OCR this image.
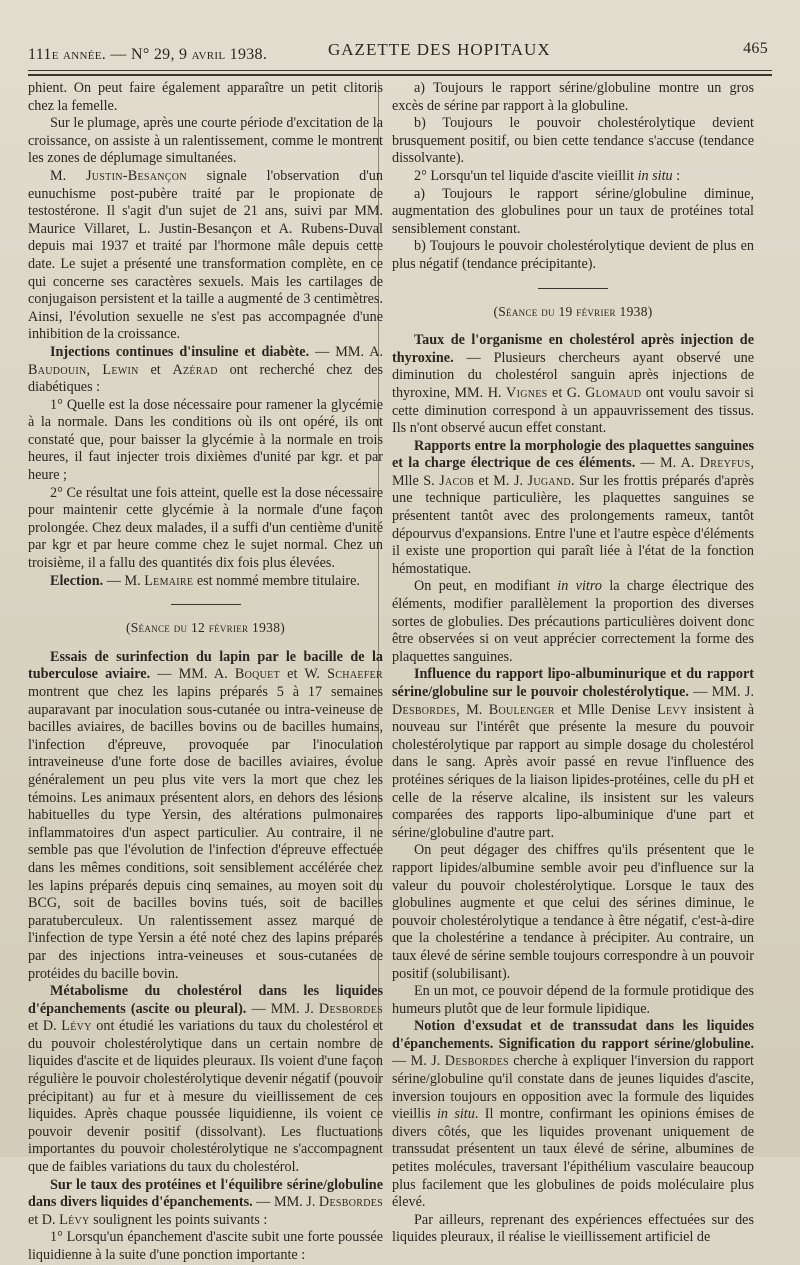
111e année. — N° 29, 9 avril 1938.	GAZETTE DES HOPITAUX	465

phient. On peut faire également apparaître un petit clitoris chez la femelle.

Sur le plumage, après une courte période d'excitation de la croissance, on assiste à un ralentissement, comme le montrent les zones de déplumage simultanées.

M. Justin-Besançon signale l'observation d'un eunuchisme post-pubère traité par le propionate de testostérone. Il s'agit d'un sujet de 21 ans, suivi par MM. Maurice Villaret, L. Justin-Besançon et A. Rubens-Duval depuis mai 1937 et traité par l'hormone mâle depuis cette date. Le sujet a présenté une transformation complète, en ce qui concerne ses caractères sexuels. Mais les cartilages de conjugaison persistent et la taille a augmenté de 3 centimètres. Ainsi, l'évolution sexuelle ne s'est pas accompagnée d'une inhibition de la croissance.

Injections continues d'insuline et diabète. — MM. A. Baudouin, Lewin et Azérad ont recherché chez des diabétiques :

1° Quelle est la dose nécessaire pour ramener la glycémie à la normale. Dans les conditions où ils ont opéré, ils ont constaté que, pour baisser la glycémie à la normale en trois heures, il faut injecter trois dixièmes d'unité par kgr. et par heure ;

2° Ce résultat une fois atteint, quelle est la dose nécessaire pour maintenir cette glycémie à la normale d'une façon prolongée. Chez deux malades, il a suffi d'un centième d'unité par kgr et par heure comme chez le sujet normal. Chez un troisième, il a fallu des quantités dix fois plus élevées.

Election. — M. Lemaire est nommé membre titulaire.

(Séance du 12 février 1938)

Essais de surinfection du lapin par le bacille de la tuberculose aviaire. — MM. A. Boquet et W. Schaefer montrent que chez les lapins préparés 5 à 17 semaines auparavant par inoculation sous-cutanée ou intra-veineuse de bacilles aviaires, de bacilles bovins ou de bacilles humains, l'infection d'épreuve, provoquée par l'inoculation intraveineuse d'une forte dose de bacilles aviaires, évolue généralement un peu plus vite vers la mort que chez les témoins. Les animaux présentent alors, en dehors des lésions habituelles du type Yersin, des altérations pulmonaires inflammatoires d'un aspect particulier. Au contraire, il ne semble pas que l'évolution de l'infection d'épreuve effectuée dans les mêmes conditions, soit sensiblement accélérée chez les lapins préparés depuis cinq semaines, au moyen soit du BCG, soit de bacilles bovins tués, soit de bacilles paratuberculeux. Un ralentissement assez marqué de l'infection de type Yersin a été noté chez des lapins préparés par des injections intra-veineuses et sous-cutanées de protéides du bacille bovin.

Métabolisme du cholestérol dans les liquides d'épanchements (ascite ou pleural). — MM. J. Desbordes et D. Lévy ont étudié les variations du taux du cholestérol et du pouvoir cholestérolytique dans un certain nombre de liquides d'ascite et de liquides pleuraux. Ils voient d'une façon régulière le pouvoir cholestérolytique devenir négatif (pouvoir précipitant) au fur et à mesure du vieillissement de ces liquides. Après chaque poussée liquidienne, ils voient ce pouvoir devenir positif (dissolvant). Les fluctuations importantes du pouvoir cholestérolytique ne s'accompagnent que de faibles variations du taux du cholestérol.

Sur le taux des protéines et l'équilibre sérine/globuline dans divers liquides d'épanchements. — MM. J. Desbordes et D. Lévy soulignent les points suivants :

1° Lorsqu'un épanchement d'ascite subit une forte poussée liquidienne à la suite d'une ponction importante :

a) Toujours le rapport sérine/globuline montre un gros excès de sérine par rapport à la globuline.

b) Toujours le pouvoir cholestérolytique devient brusquement positif, ou bien cette tendance s'accuse (tendance dissolvante).

2° Lorsqu'un tel liquide d'ascite vieillit in situ :

a) Toujours le rapport sérine/globuline diminue, augmentation des globulines pour un taux de protéines total sensiblement constant.

b) Toujours le pouvoir cholestérolytique devient de plus en plus négatif (tendance précipitante).

(Séance du 19 février 1938)

Taux de l'organisme en cholestérol après injection de thyroxine. — Plusieurs chercheurs ayant observé une diminution du cholestérol sanguin après injections de thyroxine, MM. H. Vignes et G. Glomaud ont voulu savoir si cette diminution correspond à un appauvrissement des tissus. Ils n'ont observé aucun effet constant.

Rapports entre la morphologie des plaquettes sanguines et la charge électrique de ces éléments. — M. A. Dreyfus, Mlle S. Jacob et M. J. Jugand. Sur les frottis préparés d'après une technique particulière, les plaquettes sanguines se présentent tantôt avec des prolongements rameux, tantôt dépourvus d'expansions. Entre l'une et l'autre espèce d'éléments il existe une proportion qui paraît liée à l'état de la fonction hémostatique.

On peut, en modifiant in vitro la charge électrique des éléments, modifier parallèlement la proportion des diverses sortes de globulies. Des précautions particulières doivent donc être observées si on veut apprécier correctement la forme des plaquettes sanguines.

Influence du rapport lipo-albuminurique et du rapport sérine/globuline sur le pouvoir cholestérolytique. — MM. J. Desbordes, M. Boulenger et Mlle Denise Levy insistent à nouveau sur l'intérêt que présente la mesure du pouvoir cholestérolytique par rapport au simple dosage du cholestérol dans le sang. Après avoir passé en revue l'influence des protéines sériques de la liaison lipides-protéines, celle du pH et celle de la réserve alcaline, ils insistent sur les valeurs comparées des rapports lipo-albuminique d'une part et sérine/globuline d'autre part.

On peut dégager des chiffres qu'ils présentent que le rapport lipides/albumine semble avoir peu d'influence sur la valeur du pouvoir cholestérolytique. Lorsque le taux des globulines augmente et que celui des sérines diminue, le pouvoir cholestérolytique a tendance à être négatif, c'est-à-dire que la cholestérine a tendance à précipiter. Au contraire, un taux élevé de sérine semble toujours correspondre à un pouvoir positif (solubilisant).

En un mot, ce pouvoir dépend de la formule protidique des humeurs plutôt que de leur formule lipidique.

Notion d'exsudat et de transsudat dans les liquides d'épanchements. Signification du rapport sérine/globuline. — M. J. Desbordes cherche à expliquer l'inversion du rapport sérine/globuline qu'il constate dans de jeunes liquides d'ascite, inversion toujours en opposition avec la formule des liquides vieillis in situ. Il montre, confirmant les opinions émises de divers côtés, que les liquides provenant uniquement de transsudat présentent un taux élevé de sérine, albumines de petites molécules, traversant l'épithélium vasculaire beaucoup plus facilement que les globulines de poids moléculaire plus élevé.

Par ailleurs, reprenant des expériences effectuées sur des liquides pleuraux, il réalise le vieillissement artificiel de
